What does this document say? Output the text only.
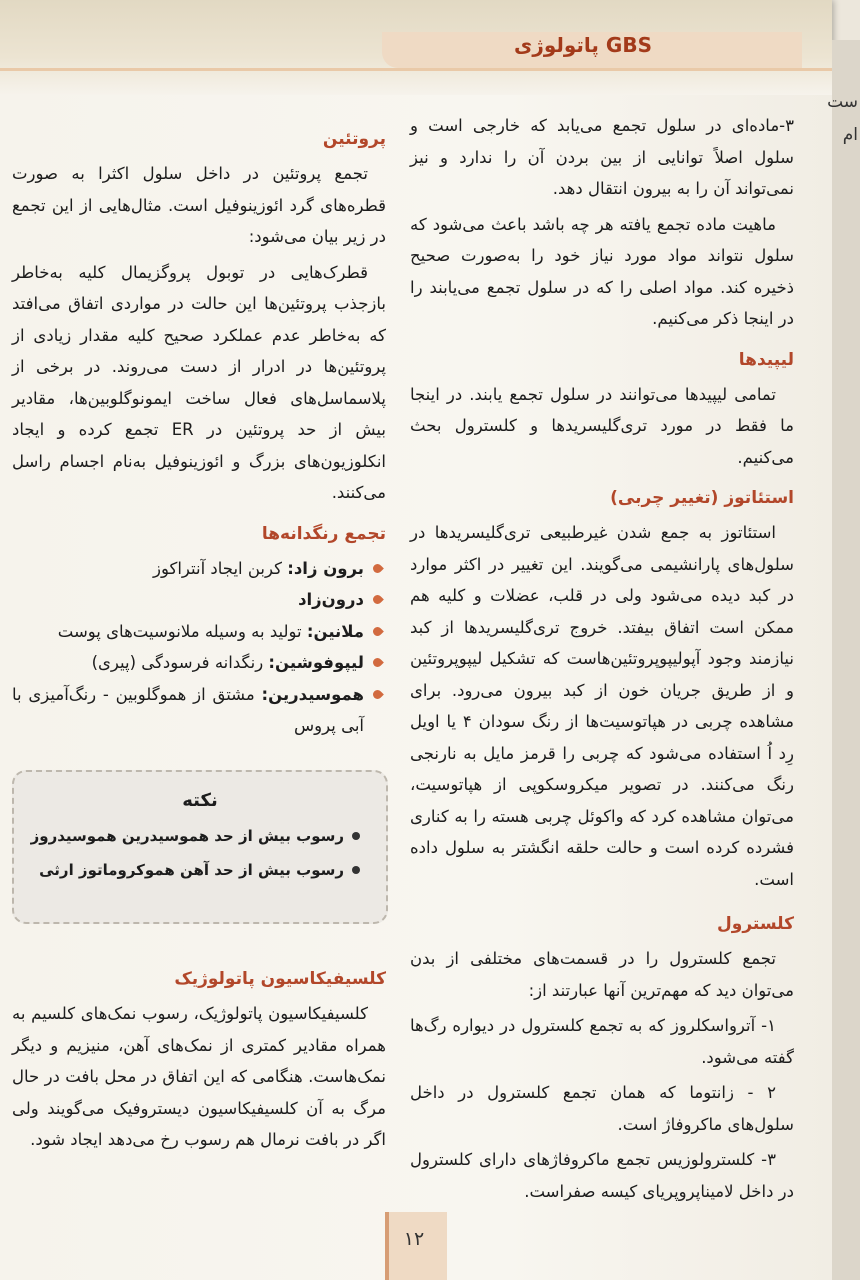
GBS پاتولوژی

۳-ماده‌ای در سلول تجمع می‌یابد که خارجی است و سلول اصلاً توانایی از بین بردن آن را ندارد و نیز نمی‌تواند آن را به بیرون انتقال دهد.

ماهیت ماده تجمع یافته هر چه باشد باعث می‌شود که سلول نتواند مواد مورد نیاز خود را به‌صورت صحیح ذخیره کند. مواد اصلی را که در سلول تجمع می‌یابند را در اینجا ذکر می‌کنیم.

لیپیدها

تمامی لیپیدها می‌توانند در سلول تجمع یابند. در اینجا ما فقط در مورد تری‌گلیسریدها و کلسترول بحث می‌کنیم.

استئاتوز (تغییر چربی)

استئاتوز به جمع شدن غیرطبیعی تری‌گلیسریدها در سلول‌های پارانشیمی می‌گویند. این تغییر در اکثر موارد در کبد دیده می‌شود ولی در قلب، عضلات و کلیه هم ممکن است اتفاق بیفتد. خروج تری‌گلیسریدها از کبد نیازمند وجود آپولیپوپروتئین‌هاست که تشکیل لیپوپروتئین و از طریق جریان خون از کبد بیرون می‌رود. برای مشاهده چربی در هپاتوسیت‌ها از رنگ سودان ۴ یا اویل رِد اُ استفاده می‌شود که چربی را قرمز مایل به نارنجی رنگ می‌کنند. در تصویر میکروسکوپی از هپاتوسیت، می‌توان مشاهده کرد که واکوئل چربی هسته را به کناری فشرده کرده است و حالت حلقه انگشتر به سلول داده است.

کلسترول

تجمع کلسترول را در قسمت‌های مختلفی از بدن می‌توان دید که مهم‌ترین آنها عبارتند از:

۱- آترواسکلروز که به تجمع کلسترول در دیواره رگ‌ها گفته می‌شود.

۲ - زانتوما که همان تجمع کلسترول در داخل سلول‌های ماکروفاژ است.

۳- کلسترولوزیس تجمع ماکروفاژهای دارای کلسترول در داخل لامیناپروپریای کیسه صفراست.

پروتئین

تجمع پروتئین در داخل سلول اکثرا به صورت قطره‌های گرد ائوزینوفیل است. مثال‌هایی از این تجمع در زیر بیان می‌شود:

قطرک‌هایی در توبول پروگزیمال کلیه به‌خاطر بازجذب پروتئین‌ها این حالت در مواردی اتفاق می‌افتد که به‌خاطر عدم عملکرد صحیح کلیه مقدار زیادی از پروتئین‌ها در ادرار از دست می‌روند. در برخی از پلاسماسل‌های فعال ساخت ایمونوگلوبین‌ها، مقادیر بیش از حد پروتئین در ER تجمع کرده و ایجاد انکلوزیون‌های بزرگ و ائوزینوفیل به‌نام اجسام راسل می‌کنند.

تجمع رنگدانه‌ها
برون زاد: کربن ایجاد آنتراکوز
درون‌زاد
ملانین: تولید به وسیله ملانوسیت‌های پوست
لیپوفوشین: رنگدانه فرسودگی (پیری)
هموسیدرین: مشتق از هموگلوبین - رنگ‌آمیزی با آبی پروس
نکته
رسوب بیش از حد هموسیدرین هموسیدروز
رسوب بیش از حد آهن هموکروماتوز ارثی
کلسیفیکاسیون پاتولوژیک

کلسیفیکاسیون پاتولوژیک، رسوب نمک‌های کلسیم به همراه مقادیر کمتری از نمک‌های آهن، منیزیم و دیگر نمک‌هاست. هنگامی که این اتفاق در محل بافت در حال مرگ به آن کلسیفیکاسیون دیستروفیک می‌گویند ولی اگر در بافت نرمال هم رسوب رخ می‌دهد ایجاد شود.

۱۲
ست
ام
